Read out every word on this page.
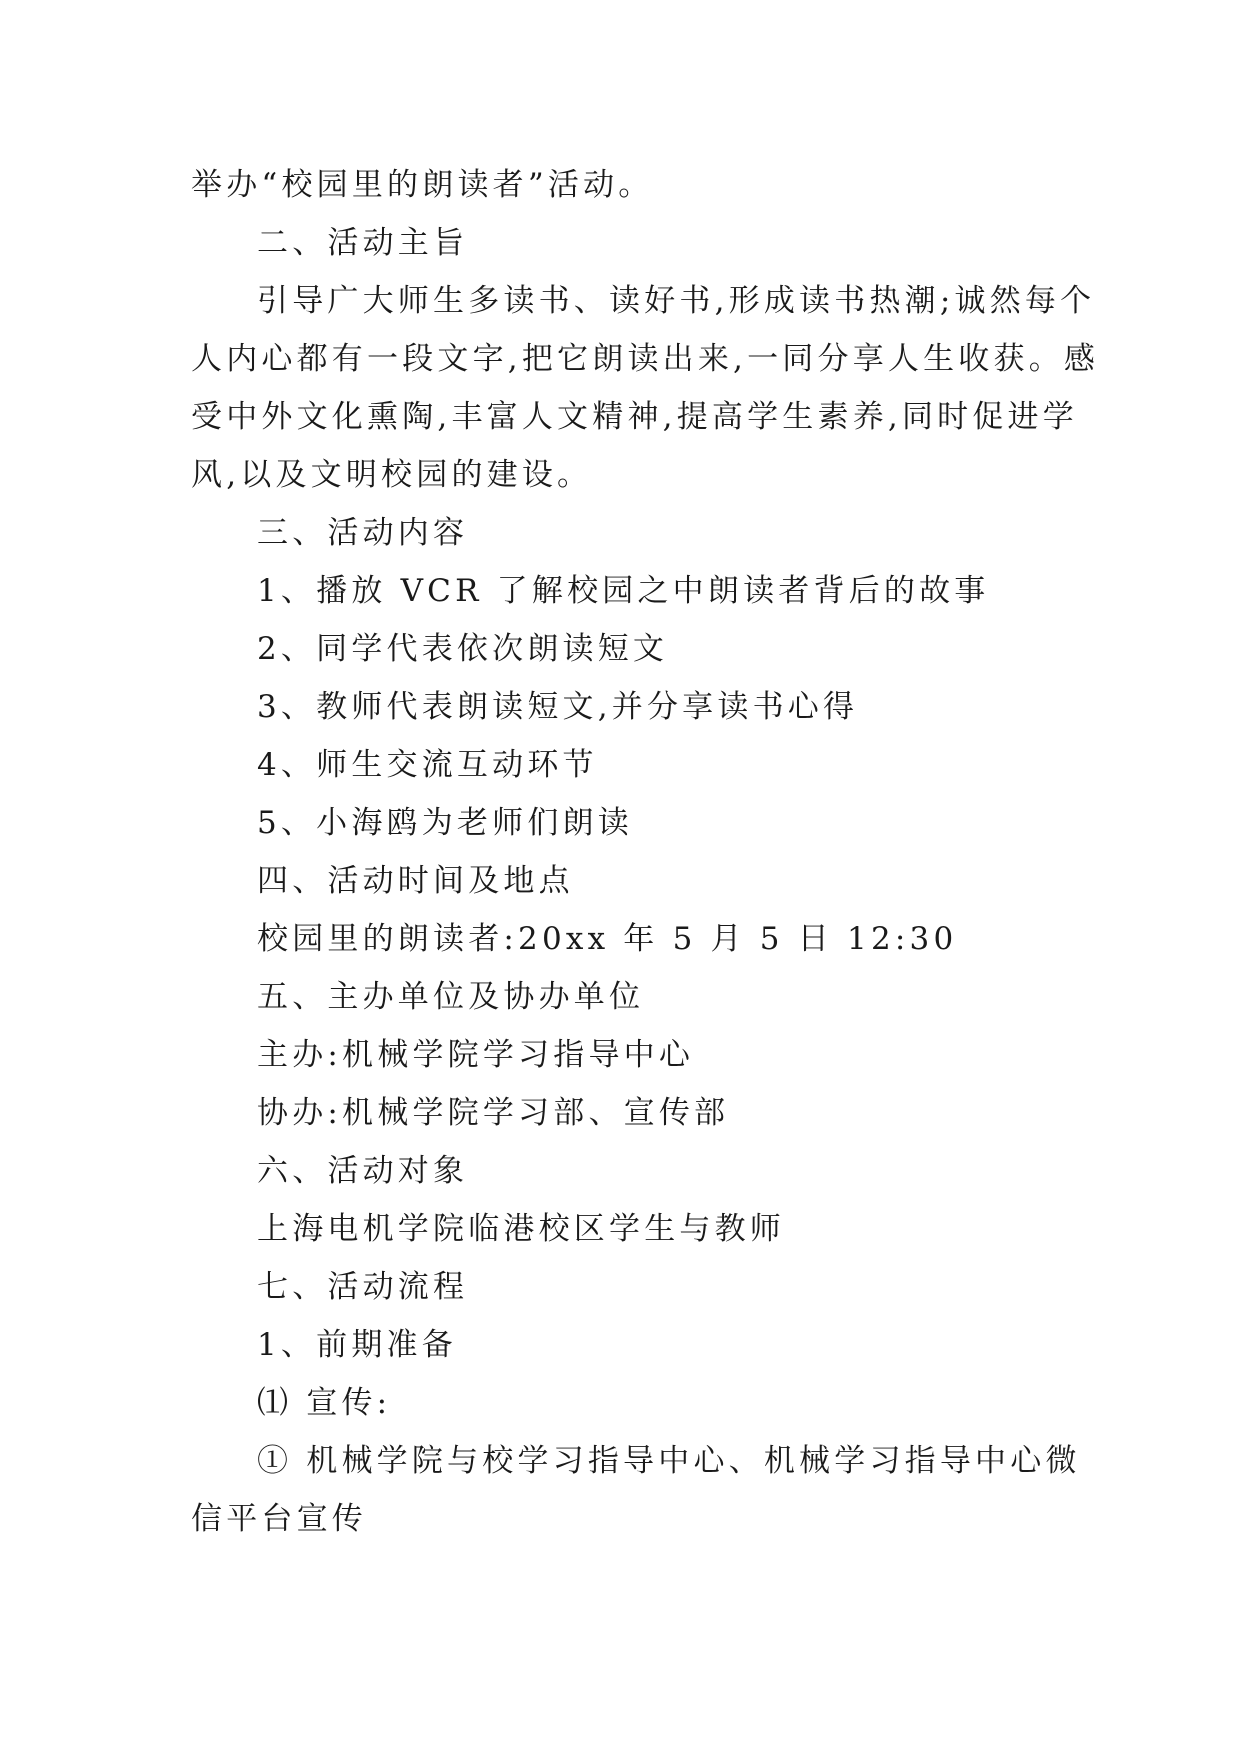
举办“校园里的朗读者”活动。

二、活动主旨

引导广大师生多读书、读好书,形成读书热潮;诚然每个
人内心都有一段文字,把它朗读出来,一同分享人生收获。感
受中外文化熏陶,丰富人文精神,提高学生素养,同时促进学
风,以及文明校园的建设。

三、活动内容

1、播放 VCR 了解校园之中朗读者背后的故事

2、同学代表依次朗读短文

3、教师代表朗读短文,并分享读书心得

4、师生交流互动环节

5、小海鸥为老师们朗读

四、活动时间及地点

校园里的朗读者:20xx 年 5 月 5 日 12:30

五、主办单位及协办单位

主办:机械学院学习指导中心

协办:机械学院学习部、宣传部

六、活动对象

上海电机学院临港校区学生与教师

七、活动流程

1、前期准备

⑴ 宣传:

① 机械学院与校学习指导中心、机械学习指导中心微
信平台宣传
